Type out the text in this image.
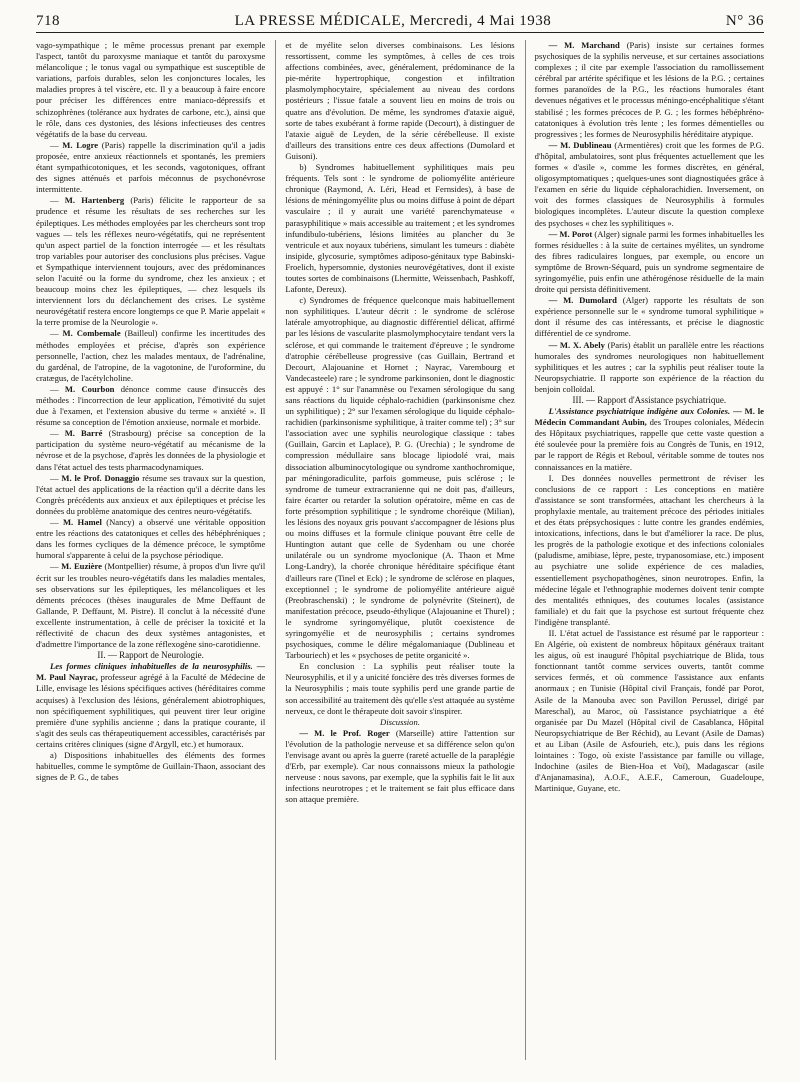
718	LA PRESSE MÉDICALE, Mercredi, 4 Mai 1938	N° 36

vago-sympathique ; le même processus prenant par exemple l'aspect, tantôt du paroxysme maniaque et tantôt du paroxysme mélancolique ; le tonus vagal ou sympathique est susceptible de variations, parfois durables, selon les conjonctures locales, les maladies propres à tel viscère, etc. Il y a beaucoup à faire encore pour préciser les différences entre maniaco-dépressifs et schizophrènes (tolérance aux hydrates de carbone, etc.), ainsi que le rôle, dans ces dystonies, des lésions infectieuses des centres végétatifs de la base du cerveau.

— M. Logre (Paris) rappelle la discrimination qu'il a jadis proposée, entre anxieux réactionnels et spontanés, les premiers étant sympathicotoniques, et les seconds, vagotoniques, offrant des signes atténués et parfois méconnus de psychonévrose intermittente.

— M. Hartenberg (Paris) félicite le rapporteur de sa prudence et résume les résultats de ses recherches sur les épileptiques. Les méthodes employées par les chercheurs sont trop vagues — tels les réflexes neuro-végétatifs, qui ne représentent qu'un aspect partiel de la fonction interrogée — et les résultats trop variables pour autoriser des conclusions plus précises. Vague et Sympathique interviennent toujours, avec des prédominances selon l'acuité ou la forme du syndrome, chez les anxieux ; et beaucoup moins chez les épileptiques, — chez lesquels ils interviennent lors du déclanchement des crises. Le système neurovégétatif restera encore longtemps ce que P. Marie appelait « la terre promise de la Neurologie ».

— M. Combemale (Bailleul) confirme les incertitudes des méthodes employées et précise, d'après son expérience personnelle, l'action, chez les malades mentaux, de l'adrénaline, du gardénal, de l'atropine, de la vagotonine, de l'uroformine, du cratægus, de l'acétylcholine.

— M. Courbon dénonce comme cause d'insuccès des méthodes : l'incorrection de leur application, l'émotivité du sujet due à l'examen, et l'extension abusive du terme « anxiété ». Il résume sa conception de l'émotion anxieuse, normale et morbide.

— M. Barré (Strasbourg) précise sa conception de la participation du système neuro-végétatif au mécanisme de la névrose et de la psychose, d'après les données de la physiologie et dans l'état actuel des tests pharmacodynamiques.

— M. le Prof. Donaggio résume ses travaux sur la question, l'état actuel des applications de la réaction qu'il a décrite dans les Congrès précédents aux anxieux et aux épileptiques et précise les données du problème anatomique des centres neuro-végétatifs.

— M. Hamel (Nancy) a observé une véritable opposition entre les réactions des catatoniques et celles des hébéphréniques ; dans les formes cycliques de la démence précoce, le symptôme humoral s'apparente à celui de la psychose périodique.

— M. Euzière (Montpellier) résume, à propos d'un livre qu'il écrit sur les troubles neuro-végétatifs dans les maladies mentales, ses observations sur les épileptiques, les mélancoliques et les déments précoces (thèses inaugurales de Mme Deffaunt de Gallande, P. Deffaunt, M. Pistre). Il conclut à la nécessité d'une excellente instrumentation, à celle de préciser la toxicité et la réflectivité de chacun des deux systèmes antagonistes, et d'admettre l'importance de la zone réflexogène sino-carotidienne.

II. — Rapport de Neurologie.

Les formes cliniques inhabituelles de la neurosyphilis. — M. Paul Nayrac, professeur agrégé à la Faculté de Médecine de Lille, envisage les lésions spécifiques actives (héréditaires comme acquises) à l'exclusion des lésions, généralement abiotrophiques, non spécifiquement syphilitiques, qui peuvent tirer leur origine première d'une syphilis ancienne ; dans la pratique courante, il s'agit des seuls cas thérapeutiquement accessibles, caractérisés par certains critères cliniques (signe d'Argyll, etc.) et humoraux.

a) Dispositions inhabituelles des éléments des formes habituelles, comme le symptôme de Guillain-Thaon, associant des signes de P. G., de tabes

et de myélite selon diverses combinaisons. Les lésions ressortissent, comme les symptômes, à celles de ces trois affections combinées, avec, généralement, prédominance de la pie-mérite hypertrophique, congestion et infiltration plasmolymphocytaire, spécialement au niveau des cordons postérieurs ; l'issue fatale a souvent lieu en moins de trois ou quatre ans d'évolution. De même, les syndromes d'ataxie aiguë, sorte de tabes exubérant à forme rapide (Decourt), à distinguer de l'ataxie aiguë de Leyden, de la série cérébelleuse. Il existe d'ailleurs des transitions entre ces deux affections (Dumolard et Guisoni).

b) Syndromes habituellement syphilitiques mais peu fréquents. Tels sont : le syndrome de poliomyélite antérieure chronique (Raymond, A. Léri, Head et Fernsides), à base de lésions de méningomyélite plus ou moins diffuse à point de départ vasculaire ; il y aurait une variété parenchymateuse « parasyphilitique » mais accessible au traitement ; et les syndromes infundibulo-tubériens, lésions limitées au plancher du 3e ventricule et aux noyaux tubériens, simulant les tumeurs : diabète insipide, glycosurie, symptômes adiposo-génitaux type Babinski-Froelich, hypersomnie, dystonies neurovégétatives, dont il existe toutes sortes de combinaisons (Lhermitte, Weissenbach, Pashkoff, Lafonte, Dereux).

c) Syndromes de fréquence quelconque mais habituellement non syphilitiques. L'auteur décrit : le syndrome de sclérose latérale amyotrophique, au diagnostic différentiel délicat, affirmé par les lésions de vascularite plasmolymphocytaire tendant vers la sclérose, et qui commande le traitement d'épreuve ; le syndrome d'atrophie cérébelleuse progressive (cas Guillain, Bertrand et Decourt, Alajouanine et Hornet ; Nayrac, Varembourg et Vandecasteele) rare ; le syndrome parkinsonien, dont le diagnostic est appuyé : 1° sur l'anamnèse ou l'examen sérologique du sang sans réactions du liquide céphalo-rachidien (parkinsonisme chez un syphilitique) ; 2° sur l'examen sérologique du liquide céphalo-rachidien (parkinsonisme syphilitique, à traiter comme tel) ; 3° sur l'association avec une syphilis neurologique classique : tabes (Guillain, Garcin et Laplace), P. G. (Urechia) ; le syndrome de compression médullaire sans blocage lipiodolé vrai, mais dissociation albuminocytologique ou syndrome xanthochromique, par méningoradiculite, parfois gommeuse, puis sclérose ; le syndrome de tumeur extracranienne qui ne doit pas, d'ailleurs, faire écarter ou retarder la solution opératoire, même en cas de forte présomption syphilitique ; le syndrome choréique (Milian), les lésions des noyaux gris pouvant s'accompagner de lésions plus ou moins diffuses et la formule clinique pouvant être celle de Huntington autant que celle de Sydenham ou une chorée unilatérale ou un syndrome myoclonique (A. Thaon et Mme Long-Landry), la chorée chronique héréditaire spécifique étant d'ailleurs rare (Tinel et Eck) ; le syndrome de sclérose en plaques, exceptionnel ; le syndrome de poliomyélite antérieure aiguë (Preobraschenski) ; le syndrome de polynévrite (Steinert), de manifestation précoce, pseudo-éthylique (Alajouanine et Thurel) ; le syndrome syringomyélique, plutôt coexistence de syringomyélie et de neurosyphilis ; certains syndromes psychosiques, comme le délire mégalomaniaque (Dublineau et Tarbouriech) et les « psychoses de petite organicité ».

En conclusion : La syphilis peut réaliser toute la Neurosyphilis, et il y a unicité foncière des très diverses formes de la Neurosyphilis ; mais toute syphilis perd une grande partie de son accessibilité au traitement dès qu'elle s'est attaquée au système nerveux, ce dont le thérapeute doit savoir s'inspirer.

Discussion.

— M. le Prof. Roger (Marseille) attire l'attention sur l'évolution de la pathologie nerveuse et sa différence selon qu'on l'envisage avant ou après la guerre (rareté actuelle de la paraplégie d'Erb, par exemple). Car nous connaissons mieux la pathologie nerveuse : nous savons, par exemple, que la syphilis fait le lit aux infections neurotropes ; et le traitement se fait plus efficace dans son attaque première.

— M. Marchand (Paris) insiste sur certaines formes psychosiques de la syphilis nerveuse, et sur certaines associations complexes ; il cite par exemple l'association du ramollissement cérébral par artérite spécifique et les lésions de la P.G. ; certaines formes paranoïdes de la P.G., les réactions humorales étant devenues négatives et le processus méningo-encéphalitique s'étant stabilisé ; les formes précoces de P. G. ; les formes hébéphréno-catatoniques à évolution très lente ; les formes démentielles ou progressives ; les formes de Neurosyphilis héréditaire atypique.

— M. Dublineau (Armentières) croit que les formes de P.G. d'hôpital, ambulatoires, sont plus fréquentes actuellement que les formes « d'asile », comme les formes discrètes, en général, oligosymptomatiques ; quelques-unes sont diagnostiquées grâce à l'examen en série du liquide céphalorachidien. Inversement, on voit des formes classiques de Neurosyphilis à formules biologiques incomplètes. L'auteur discute la question complexe des psychoses « chez les syphilitiques ».

— M. Porot (Alger) signale parmi les formes inhabituelles les formes résiduelles : à la suite de certaines myélites, un syndrome des fibres radiculaires longues, par exemple, ou encore un symptôme de Brown-Séquard, puis un syndrome segmentaire de syringomyélie, puis enfin une athérogénose résiduelle de la main droite qui persista définitivement.

— M. Dumolard (Alger) rapporte les résultats de son expérience personnelle sur le « syndrome tumoral syphilitique » dont il résume des cas intéressants, et précise le diagnostic différentiel de ce syndrome.

— M. X. Abely (Paris) établit un parallèle entre les réactions humorales des syndromes neurologiques non habituellement syphilitiques et les autres ; car la syphilis peut réaliser toute la Neuropsychiatrie. Il rapporte son expérience de la réaction du benjoin colloïdal.

III. — Rapport d'Assistance psychiatrique.

L'Assistance psychiatrique indigène aux Colonies. — M. le Médecin Commandant Aubin, des Troupes coloniales, Médecin des Hôpitaux psychiatriques, rappelle que cette vaste question a été soulevée pour la première fois au Congrès de Tunis, en 1912, par le rapport de Régis et Reboul, véritable somme de toutes nos connaissances en la matière.

I. Des données nouvelles permettront de réviser les conclusions de ce rapport : Les conceptions en matière d'assistance se sont transformées, attachant les chercheurs à la prophylaxie mentale, au traitement précoce des périodes initiales et des états prépsychosiques : lutte contre les grandes endémies, intoxications, infections, dans le but d'améliorer la race. De plus, les progrès de la pathologie exotique et des infections coloniales (paludisme, amibiase, lèpre, peste, trypanosomiase, etc.) imposent au psychiatre une solide expérience de ces maladies, essentiellement psychopathogènes, sinon neurotropes. Enfin, la médecine légale et l'ethnographie modernes doivent tenir compte des mentalités ethniques, des coutumes locales (assistance familiale) et du fait que la psychose est surtout fréquente chez l'indigène transplanté.

II. L'état actuel de l'assistance est résumé par le rapporteur : En Algérie, où existent de nombreux hôpitaux généraux traitant les aigus, où est inauguré l'hôpital psychiatrique de Blida, tous fonctionnant tantôt comme services ouverts, tantôt comme services fermés, et où commence l'assistance aux enfants anormaux ; en Tunisie (Hôpital civil Français, fondé par Porot, Asile de la Manouba avec son Pavillon Perussel, dirigé par Mareschal), au Maroc, où l'assistance psychiatrique a été organisée par Du Mazel (Hôpital civil de Casablanca, Hôpital Neuropsychiatrique de Ber Réchid), au Levant (Asile de Damas) et au Liban (Asile de Asfourieh, etc.), puis dans les régions lointaines : Togo, où existe l'assistance par famille ou village, Indochine (asiles de Bien-Hoa et Voï), Madagascar (asile d'Anjanamasina), A.O.F., A.E.F., Cameroun, Guadeloupe, Martinique, Guyane, etc.
